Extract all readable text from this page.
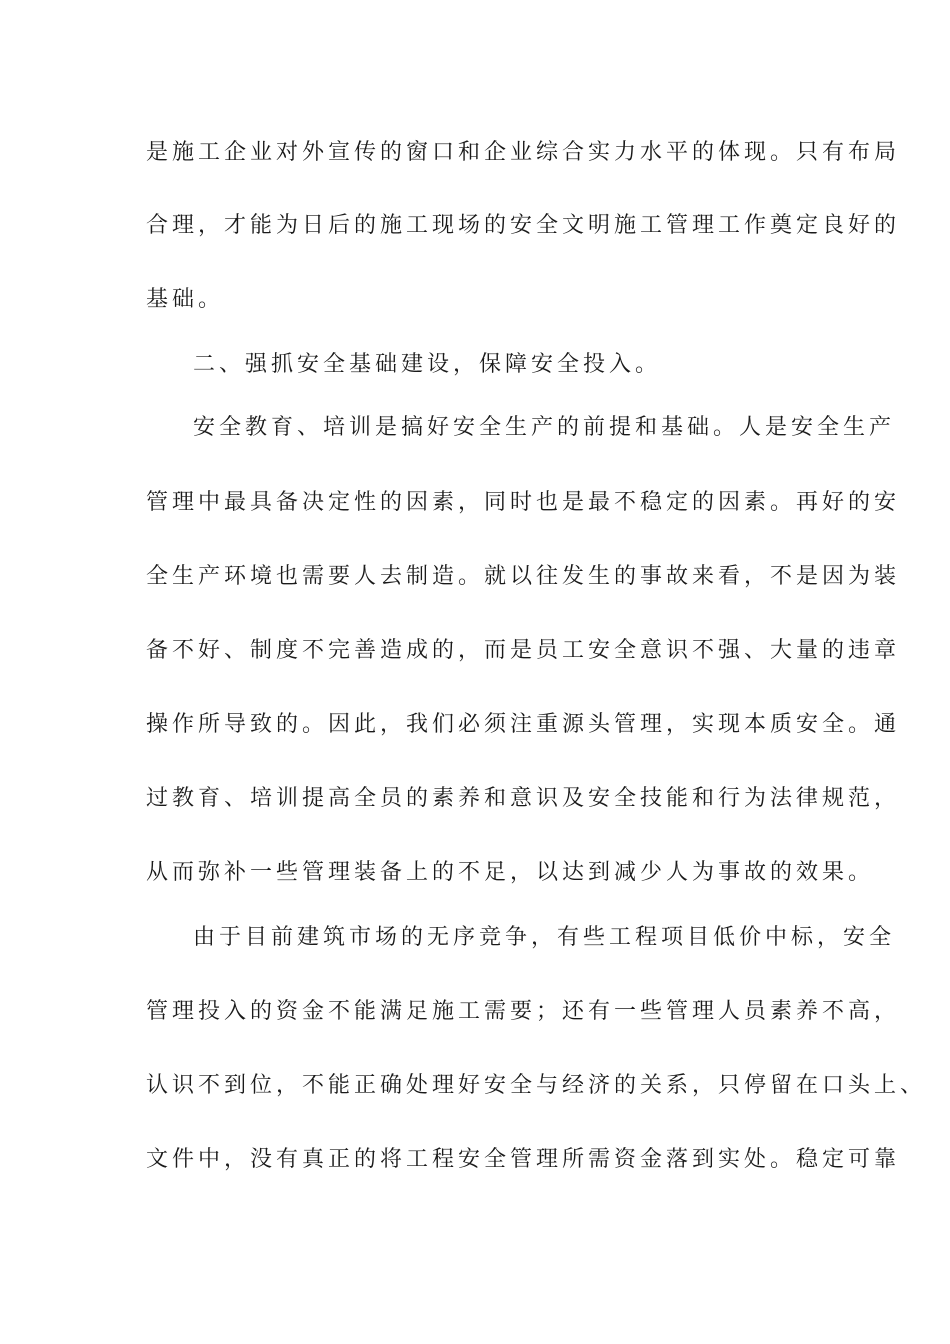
是施工企业对外宣传的窗口和企业综合实力水平的体现。只有布局
合理，才能为日后的施工现场的安全文明施工管理工作奠定良好的
基础。
二、强抓安全基础建设，保障安全投入。
安全教育、培训是搞好安全生产的前提和基础。人是安全生产
管理中最具备决定性的因素，同时也是最不稳定的因素。再好的安
全生产环境也需要人去制造。就以往发生的事故来看，不是因为装
备不好、制度不完善造成的，而是员工安全意识不强、大量的违章
操作所导致的。因此，我们必须注重源头管理，实现本质安全。通
过教育、培训提高全员的素养和意识及安全技能和行为法律规范，
从而弥补一些管理装备上的不足，以达到减少人为事故的效果。
由于目前建筑市场的无序竞争，有些工程项目低价中标，安全
管理投入的资金不能满足施工需要；还有一些管理人员素养不高，
认识不到位，不能正确处理好安全与经济的关系，只停留在口头上、
文件中，没有真正的将工程安全管理所需资金落到实处。稳定可靠
